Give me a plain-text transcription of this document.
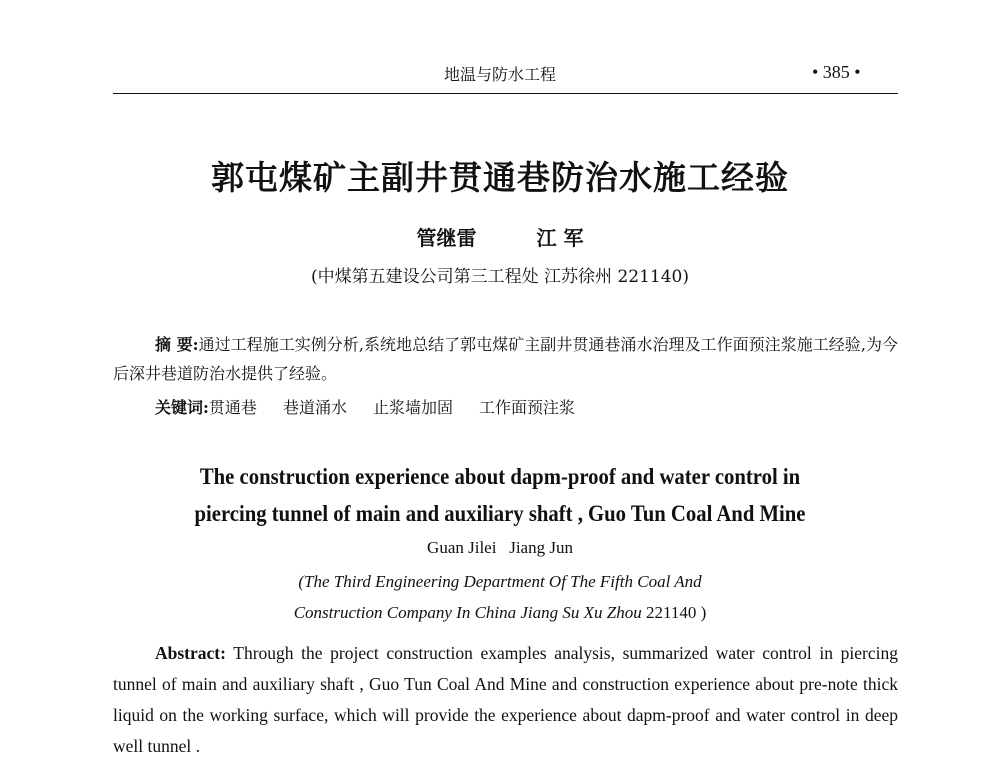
地温与防水工程	• 385 •
郭屯煤矿主副井贯通巷防治水施工经验
管继雷	江 军
(中煤第五建设公司第三工程处 江苏徐州 221140)
摘 要:通过工程施工实例分析,系统地总结了郭屯煤矿主副井贯通巷涌水治理及工作面预注浆施工经验,为今后深井巷道防治水提供了经验。
关键词:贯通巷 巷道涌水 止浆墙加固 工作面预注浆
The construction experience about dapm-proof and water control in
piercing tunnel of main and auxiliary shaft , Guo Tun Coal And Mine
Guan Jilei   Jiang Jun
(The Third Engineering Department Of The Fifth Coal And
Construction Company In China Jiang Su Xu Zhou 221140 )
Abstract: Through the project construction examples analysis, summarized water control in piercing tunnel of main and auxiliary shaft , Guo Tun Coal And Mine and construction experience about pre-note thick liquid on the working surface, which will provide the experience about dapm-proof and water control in deep well tunnel .
